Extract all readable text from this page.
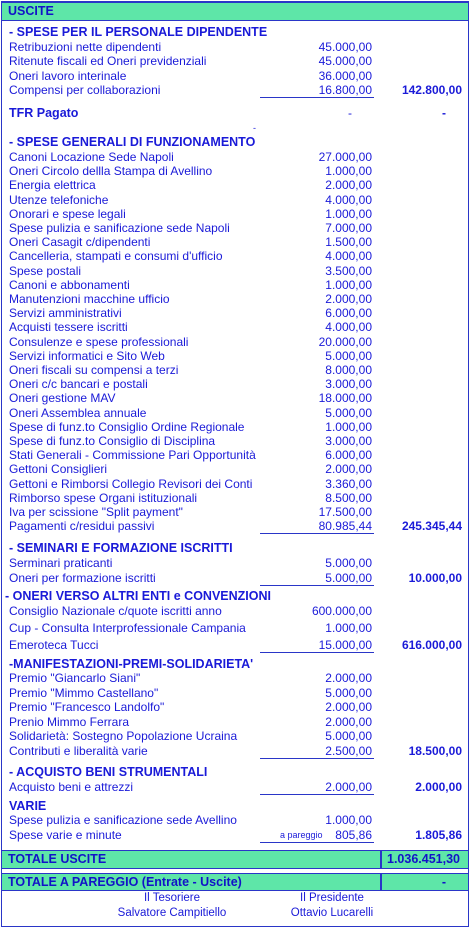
USCITE
- SPESE PER IL PERSONALE DIPENDENTE
Retribuzioni nette dipendenti	45.000,00
Ritenute fiscali ed Oneri previdenziali	45.000,00
Oneri lavoro interinale	36.000,00
Compensi per collaborazioni	16.800,00 142.800,00
TFR Pagato	-	-
-
- SPESE GENERALI DI FUNZIONAMENTO
Canoni Locazione Sede Napoli	27.000,00
Oneri Circolo dellla Stampa di Avellino	1.000,00
Energia elettrica	2.000,00
Utenze telefoniche	4.000,00
Onorari e spese legali	1.000,00
Spese pulizia e sanificazione sede Napoli	7.000,00
Oneri Casagit c/dipendenti	1.500,00
Cancelleria, stampati e consumi d'ufficio	4.000,00
Spese postali	3.500,00
Canoni e abbonamenti	1.000,00
Manutenzioni macchine ufficio	2.000,00
Servizi amministrativi	6.000,00
Acquisti tessere iscritti	4.000,00
Consulenze e spese professionali	20.000,00
Servizi informatici e Sito Web	5.000,00
Oneri fiscali su compensi a terzi	8.000,00
Oneri c/c bancari e postali	3.000,00
Oneri gestione MAV	18.000,00
Oneri Assemblea annuale	5.000,00
Spese di funz.to Consiglio Ordine Regionale	1.000,00
Spese di funz.to Consiglio di Disciplina	3.000,00
Stati Generali - Commissione Pari Opportunità	6.000,00
Gettoni Consiglieri	2.000,00
Gettoni e Rimborsi Collegio Revisori dei Conti	3.360,00
Rimborso spese Organi istituzionali	8.500,00
Iva per scissione "Split payment"	17.500,00
Pagamenti c/residui passivi	80.985,44 245.345,44
- SEMINARI E FORMAZIONE ISCRITTI
Serminari praticanti	5.000,00
Oneri per formazione iscritti	5.000,00	10.000,00
- ONERI VERSO ALTRI ENTI e CONVENZIONI
Consiglio Nazionale c/quote iscritti anno	600.000,00
Cup - Consulta Interprofessionale Campania	1.000,00
Emeroteca Tucci	15.000,00 616.000,00
-MANIFESTAZIONI-PREMI-SOLIDARIETA'
Premio "Giancarlo Siani"	2.000,00
Premio "Mimmo Castellano"	5.000,00
Premio "Francesco Landolfo"	2.000,00
Prenio Mimmo Ferrara	2.000,00
Solidarietà: Sostegno Popolazione Ucraina	5.000,00
Contributi e liberalità varie	2.500,00	18.500,00
- ACQUISTO BENI STRUMENTALI
Acquisto beni e attrezzi	2.000,00	2.000,00
VARIE
Spese pulizia e sanificazione sede Avellino	1.000,00
Spese varie e minute	a pareggio 805,86	1.805,86
TOTALE USCITE	1.036.451,30
TOTALE A PAREGGIO (Entrate - Uscite)	-
Il Tesoriere
Salvatore Campitiello
Il Presidente
Ottavio Lucarelli
